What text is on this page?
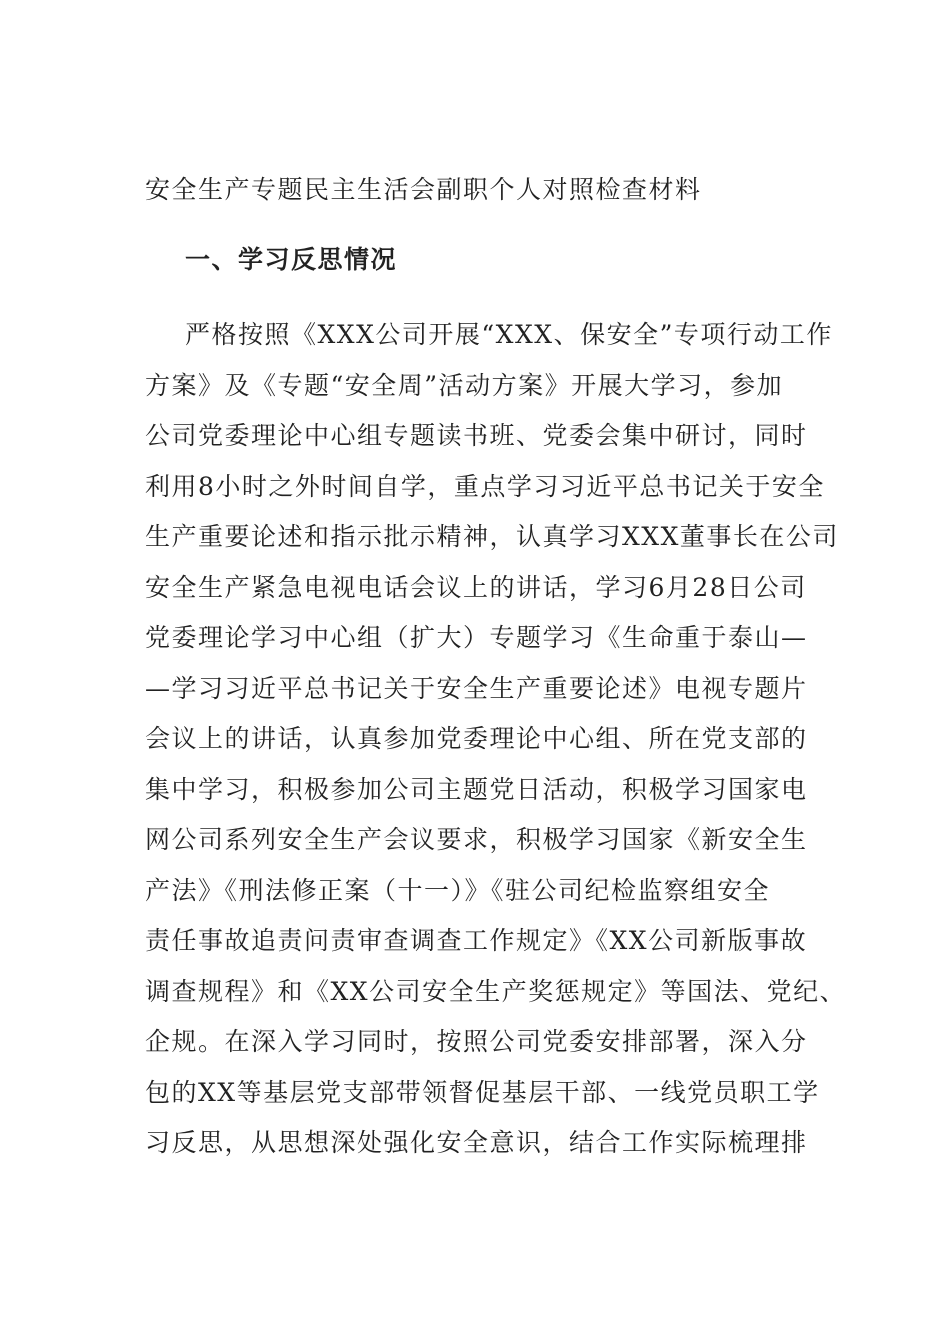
安全生产专题民主生活会副职个人对照检查材料
一、学习反思情况
严格按照《XXX公司开展“XXX、保安全”专项行动工作
方案》及《专题“安全周”活动方案》开展大学习，参加
公司党委理论中心组专题读书班、党委会集中研讨，同时
利用8小时之外时间自学，重点学习习近平总书记关于安全
生产重要论述和指示批示精神，认真学习XXX董事长在公司
安全生产紧急电视电话会议上的讲话，学习6月28日公司
党委理论学习中心组（扩大）专题学习《生命重于泰山—
—学习习近平总书记关于安全生产重要论述》电视专题片
会议上的讲话，认真参加党委理论中心组、所在党支部的
集中学习，积极参加公司主题党日活动，积极学习国家电
网公司系列安全生产会议要求，积极学习国家《新安全生
产法》《刑法修正案（十一）》《驻公司纪检监察组安全
责任事故追责问责审查调查工作规定》《XX公司新版事故
调查规程》和《XX公司安全生产奖惩规定》等国法、党纪、
企规。在深入学习同时，按照公司党委安排部署，深入分
包的XX等基层党支部带领督促基层干部、一线党员职工学
习反思，从思想深处强化安全意识，结合工作实际梳理排
